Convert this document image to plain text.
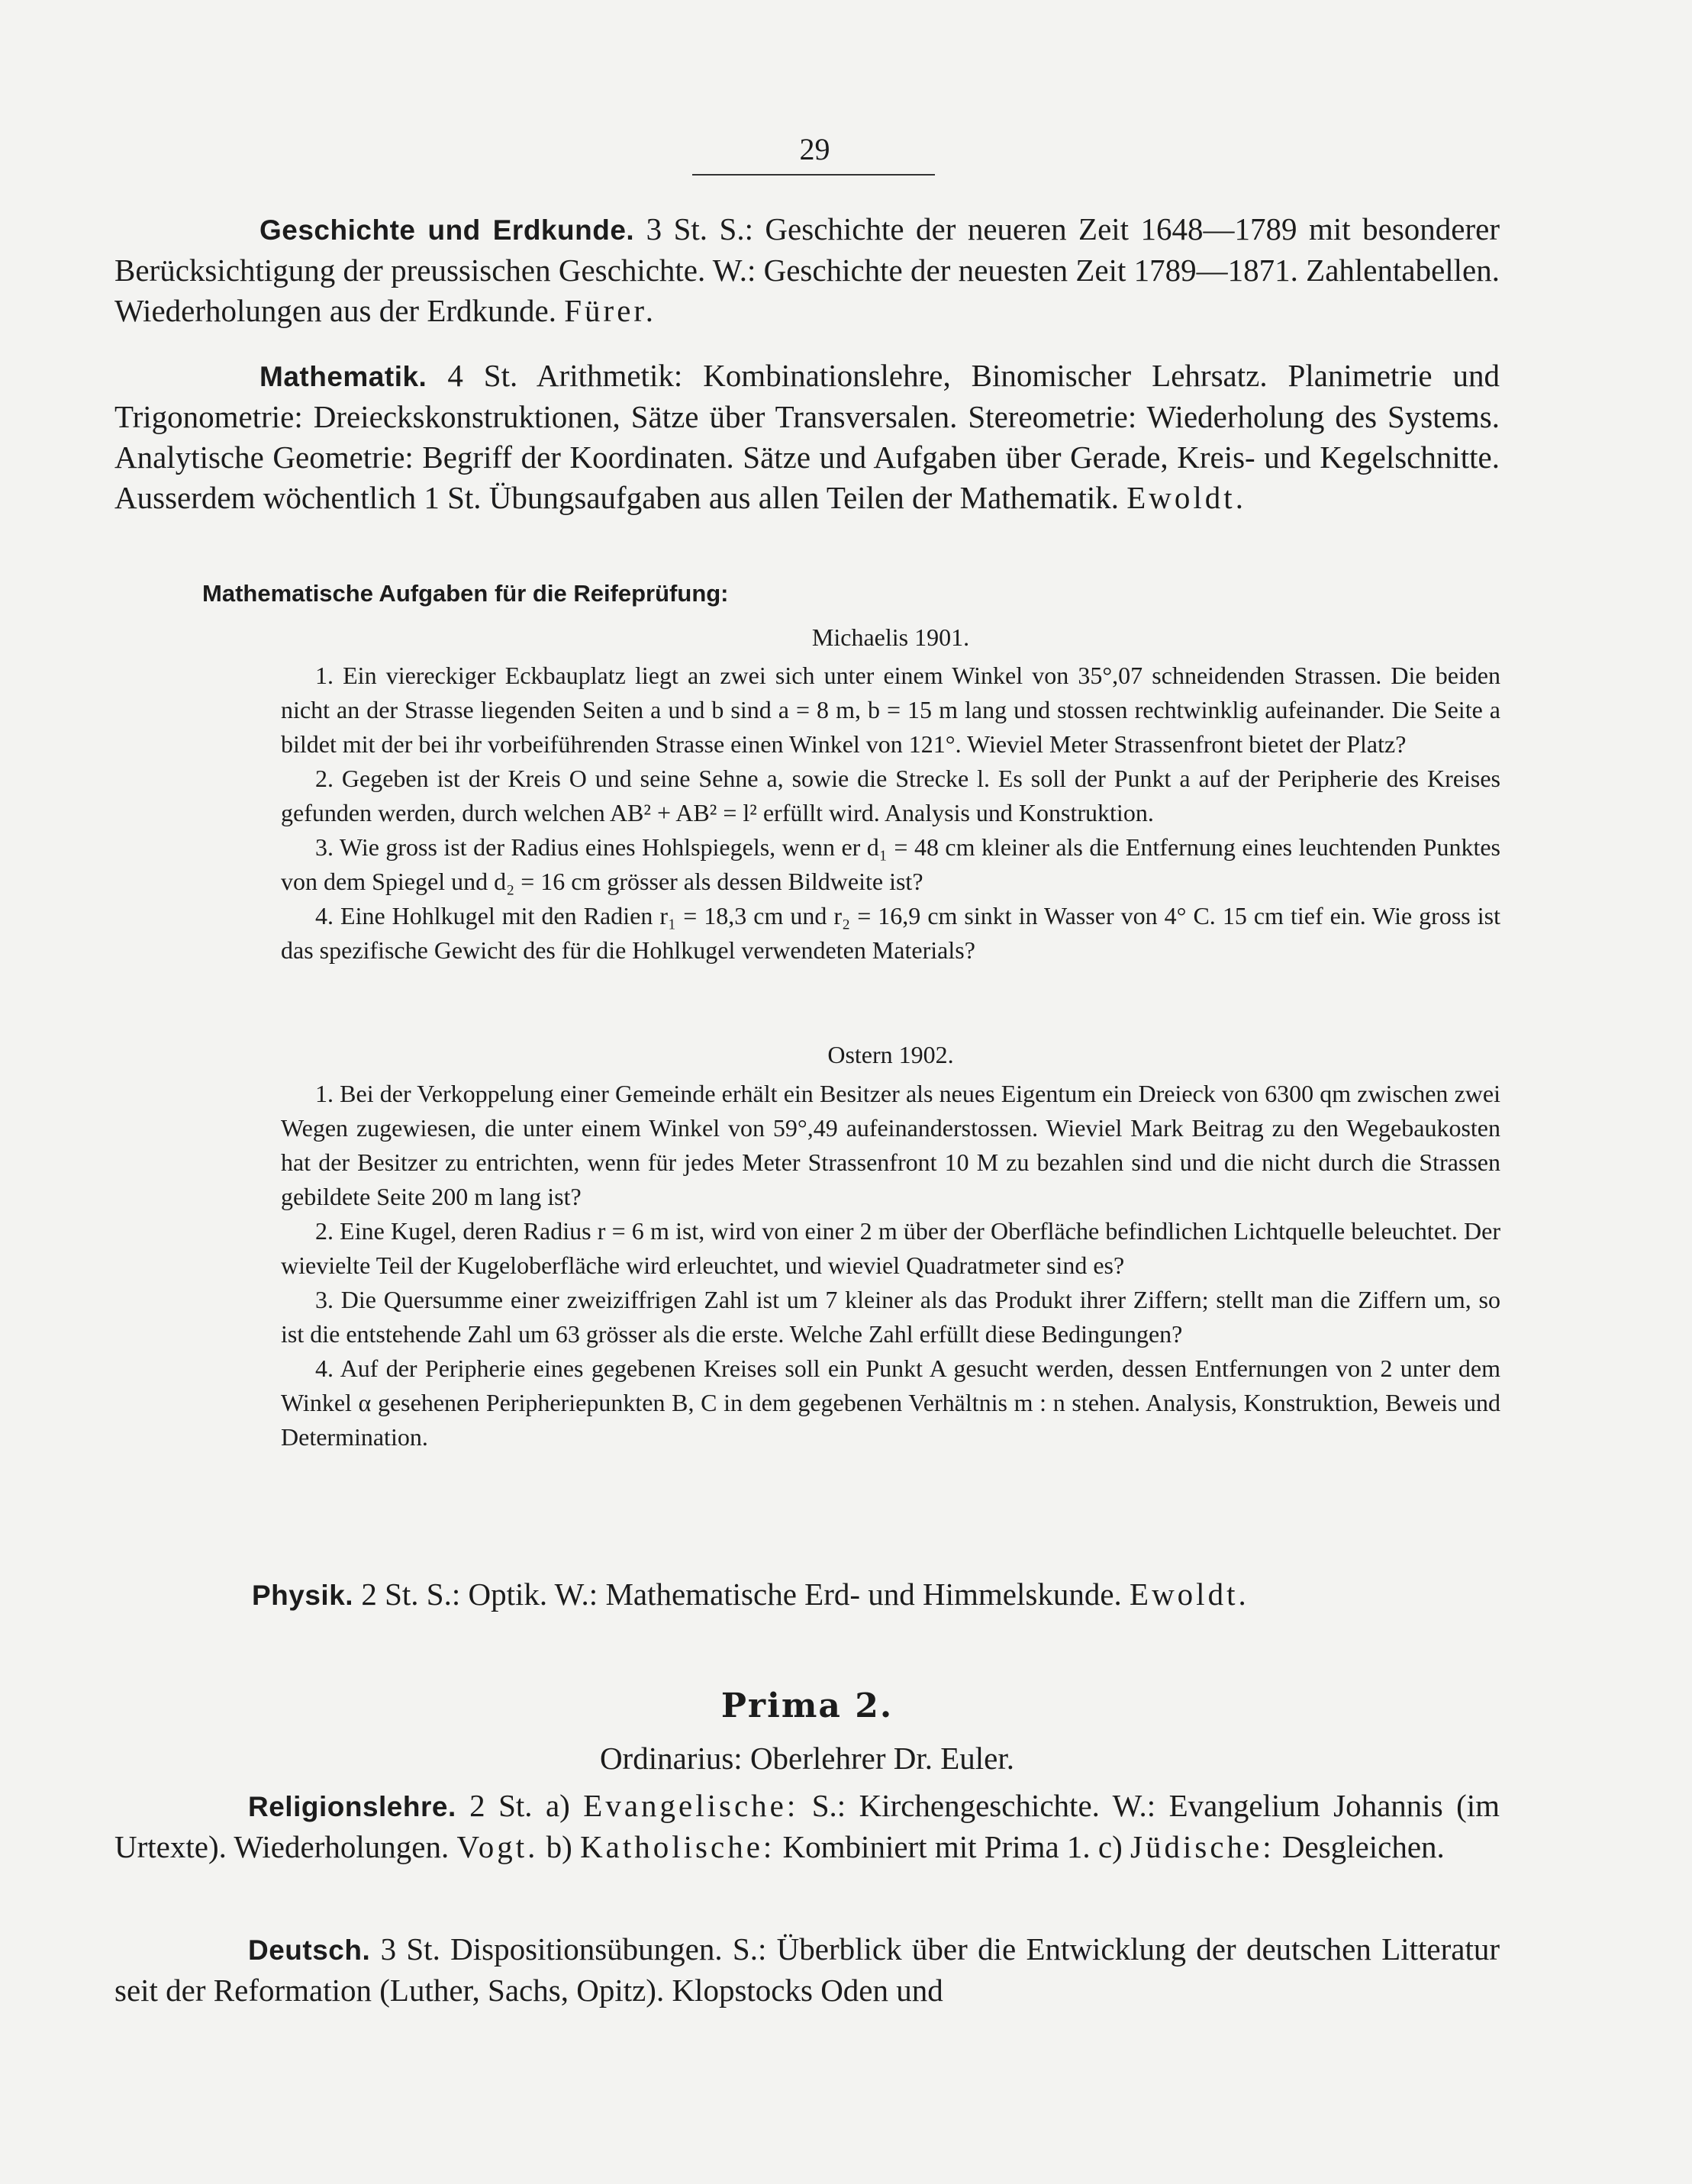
29

Geschichte und Erdkunde. 3 St. S.: Geschichte der neueren Zeit 1648—1789 mit besonderer Berücksichtigung der preussischen Geschichte. W.: Geschichte der neuesten Zeit 1789—1871. Zahlentabellen. Wiederholungen aus der Erdkunde. Fürer.

Mathematik. 4 St. Arithmetik: Kombinationslehre, Binomischer Lehrsatz. Planimetrie und Trigonometrie: Dreieckskonstruktionen, Sätze über Transversalen. Stereometrie: Wiederholung des Systems. Analytische Geometrie: Begriff der Koordinaten. Sätze und Aufgaben über Gerade, Kreis- und Kegelschnitte. Ausserdem wöchentlich 1 St. Übungsaufgaben aus allen Teilen der Mathematik. Ewoldt.

Mathematische Aufgaben für die Reifeprüfung:
Michaelis 1901.

1. Ein viereckiger Eckbauplatz liegt an zwei sich unter einem Winkel von 35°,07 schneidenden Strassen. Die beiden nicht an der Strasse liegenden Seiten a und b sind a = 8 m, b = 15 m lang und stossen rechtwinklig aufeinander. Die Seite a bildet mit der bei ihr vorbeiführenden Strasse einen Winkel von 121°. Wieviel Meter Strassenfront bietet der Platz?

2. Gegeben ist der Kreis O und seine Sehne a, sowie die Strecke l. Es soll der Punkt a auf der Peripherie des Kreises gefunden werden, durch welchen AB² + AB² = l² erfüllt wird. Analysis und Konstruktion.

3. Wie gross ist der Radius eines Hohlspiegels, wenn er d₁ = 48 cm kleiner als die Entfernung eines leuchtenden Punktes von dem Spiegel und d₂ = 16 cm grösser als dessen Bildweite ist?

4. Eine Hohlkugel mit den Radien r₁ = 18,3 cm und r₂ = 16,9 cm sinkt in Wasser von 4° C. 15 cm tief ein. Wie gross ist das spezifische Gewicht des für die Hohlkugel verwendeten Materials?

Ostern 1902.

1. Bei der Verkoppelung einer Gemeinde erhält ein Besitzer als neues Eigentum ein Dreieck von 6300 qm zwischen zwei Wegen zugewiesen, die unter einem Winkel von 59°,49 aufeinanderstossen. Wieviel Mark Beitrag zu den Wegebaukosten hat der Besitzer zu entrichten, wenn für jedes Meter Strassenfront 10 M zu bezahlen sind und die nicht durch die Strassen gebildete Seite 200 m lang ist?

2. Eine Kugel, deren Radius r = 6 m ist, wird von einer 2 m über der Oberfläche befindlichen Lichtquelle beleuchtet. Der wievielte Teil der Kugeloberfläche wird erleuchtet, und wieviel Quadratmeter sind es?

3. Die Quersumme einer zweiziffrigen Zahl ist um 7 kleiner als das Produkt ihrer Ziffern; stellt man die Ziffern um, so ist die entstehende Zahl um 63 grösser als die erste. Welche Zahl erfüllt diese Bedingungen?

4. Auf der Peripherie eines gegebenen Kreises soll ein Punkt A gesucht werden, dessen Entfernungen von 2 unter dem Winkel α gesehenen Peripheriepunkten B, C in dem gegebenen Verhältnis m : n stehen. Analysis, Konstruktion, Beweis und Determination.

Physik. 2 St. S.: Optik. W.: Mathematische Erd- und Himmelskunde. Ewoldt.

Prima 2.
Ordinarius: Oberlehrer Dr. Euler.

Religionslehre. 2 St. a) Evangelische: S.: Kirchengeschichte. W.: Evangelium Johannis (im Urtexte). Wiederholungen. Vogt. b) Katholische: Kombiniert mit Prima 1. c) Jüdische: Desgleichen.

Deutsch. 3 St. Dispositionsübungen. S.: Überblick über die Entwicklung der deutschen Litteratur seit der Reformation (Luther, Sachs, Opitz). Klopstocks Oden und
